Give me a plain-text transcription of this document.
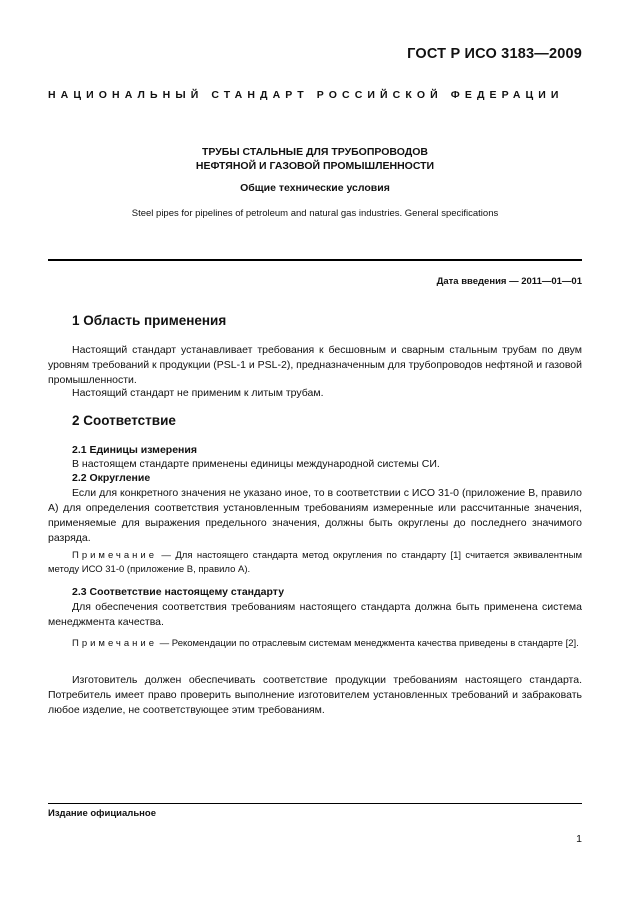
ГОСТ Р ИСО 3183—2009
НАЦИОНАЛЬНЫЙ СТАНДАРТ РОССИЙСКОЙ ФЕДЕРАЦИИ
ТРУБЫ СТАЛЬНЫЕ ДЛЯ ТРУБОПРОВОДОВ
НЕФТЯНОЙ И ГАЗОВОЙ ПРОМЫШЛЕННОСТИ
Общие технические условия
Steel pipes for pipelines of petroleum and natural gas industries. General specifications
Дата введения — 2011—01—01
1 Область применения
Настоящий стандарт устанавливает требования к бесшовным и сварным стальным трубам по двум уровням требований к продукции (PSL-1 и PSL-2), предназначенным для трубопроводов нефтяной и газовой промышленности.
Настоящий стандарт не применим к литым трубам.
2 Соответствие
2.1 Единицы измерения
В настоящем стандарте применены единицы международной системы СИ.
2.2 Округление
Если для конкретного значения не указано иное, то в соответствии с ИСО 31-0 (приложение В, правило А) для определения соответствия установленным требованиям измеренные или рассчитанные значения, применяемые для выражения предельного значения, должны быть округлены до последнего значимого разряда.
Примечание — Для настоящего стандарта метод округления по стандарту [1] считается эквивалентным методу ИСО 31-0 (приложение В, правило А).
2.3 Соответствие настоящему стандарту
Для обеспечения соответствия требованиям настоящего стандарта должна быть применена система менеджмента качества.
Примечание — Рекомендации по отраслевым системам менеджмента качества приведены в стандарте [2].
Изготовитель должен обеспечивать соответствие продукции требованиям настоящего стандарта. Потребитель имеет право проверить выполнение изготовителем установленных требований и забраковать любое изделие, не соответствующее этим требованиям.
Издание официальное
1
